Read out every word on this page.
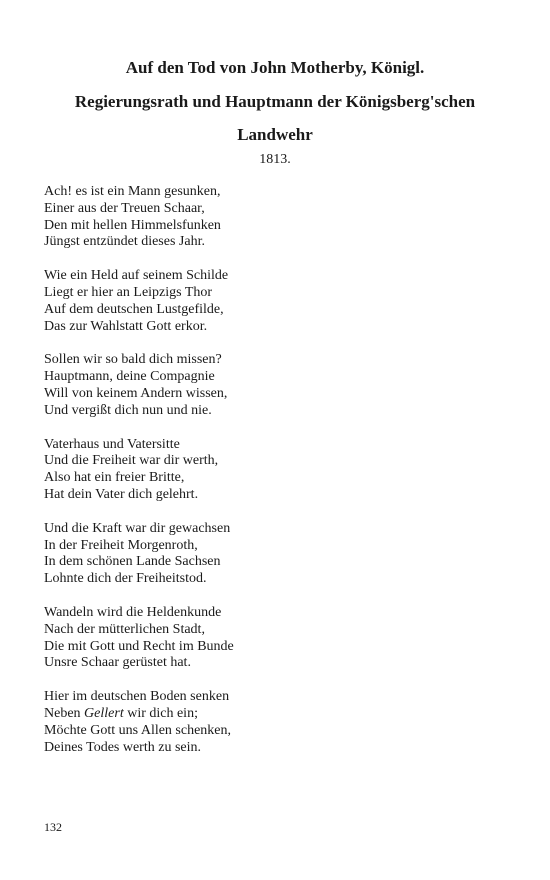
Auf den Tod von John Motherby, Königl.
Regierungsrath und Hauptmann der Königsberg'schen
Landwehr
1813.
Ach! es ist ein Mann gesunken,
Einer aus der Treuen Schaar,
Den mit hellen Himmelsfunken
Jüngst entzündet dieses Jahr.
Wie ein Held auf seinem Schilde
Liegt er hier an Leipzigs Thor
Auf dem deutschen Lustgefilde,
Das zur Wahlstatt Gott erkor.
Sollen wir so bald dich missen?
Hauptmann, deine Compagnie
Will von keinem Andern wissen,
Und vergißt dich nun und nie.
Vaterhaus und Vatersitte
Und die Freiheit war dir werth,
Also hat ein freier Britte,
Hat dein Vater dich gelehrt.
Und die Kraft war dir gewachsen
In der Freiheit Morgenroth,
In dem schönen Lande Sachsen
Lohnte dich der Freiheitstod.
Wandeln wird die Heldenkunde
Nach der mütterlichen Stadt,
Die mit Gott und Recht im Bunde
Unsre Schaar gerüstet hat.
Hier im deutschen Boden senken
Neben Gellert wir dich ein;
Möchte Gott uns Allen schenken,
Deines Todes werth zu sein.
132
